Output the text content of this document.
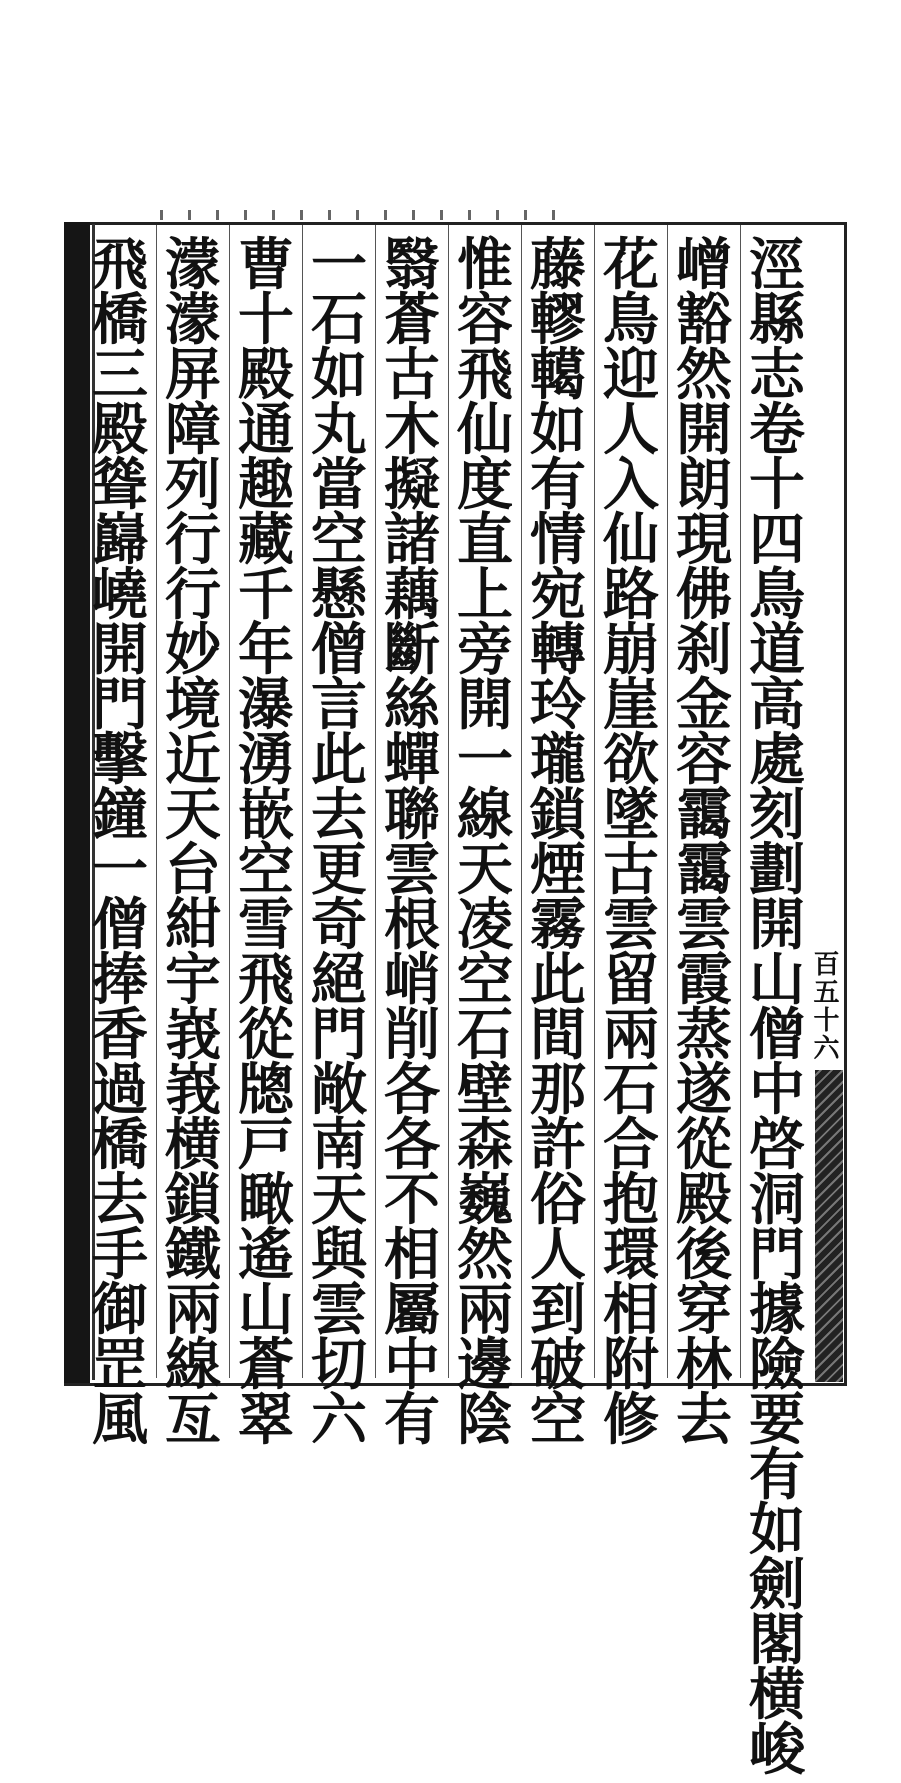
百五十六
涇
縣
志
卷
十
四
鳥
道
高
處
刻
劃
開
山
僧
中
啓
洞
門
據
險
要
有
如
劍
閣
横
峻
嶒
豁
然
開
朗
現
佛
刹
金
容
靄
靄
雲
霞
蒸
遂
從
殿
後
穿
林
去
花
鳥
迎
人
入
仙
路
崩
崖
欲
墜
古
雲
留
兩
石
合
抱
環
相
附
修
藤
轇
轕
如
有
情
宛
轉
玲
瓏
鎖
煙
霧
此
間
那
許
俗
人
到
破
空
惟
容
飛
仙
度
直
上
旁
開
一
線
天
凌
空
石
壁
森
巍
然
兩
邊
陰
翳
蒼
古
木
擬
諸
藕
斷
絲
蟬
聯
雲
根
峭
削
各
各
不
相
屬
中
有
一
石
如
丸
當
空
懸
僧
言
此
去
更
奇
絕
門
敞
南
天
與
雲
切
六
曹
十
殿
通
趣
藏
千
年
瀑
湧
嵌
空
雪
飛
從
牕
戸
瞰
遙
山
蒼
翠
濛
濛
屏
障
列
行
行
妙
境
近
天
台
紺
宇
峩
峩
横
鎖
鐵
兩
線
亙
飛
橋
三
殿
聳
巋
嶢
開
門
擊
鐘
一
僧
捧
香
過
橋
去
手
御
罡
風
